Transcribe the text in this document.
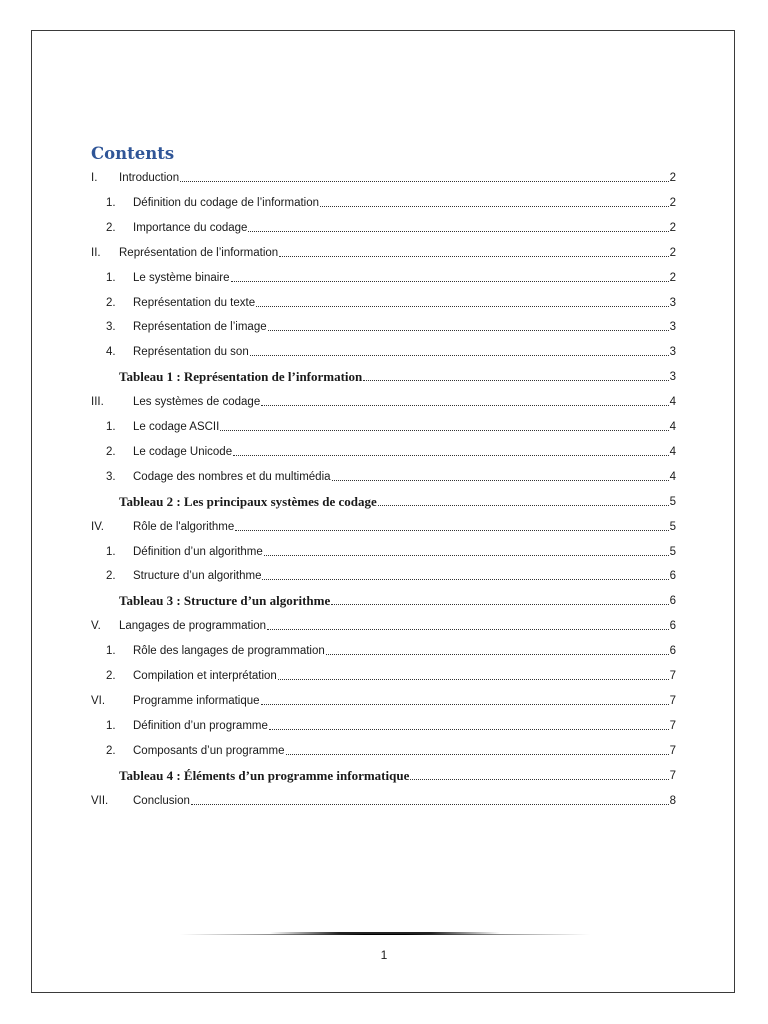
Contents
I.	Introduction	2
1.	Définition du codage de l’information	2
2.	Importance du codage	2
II.	Représentation de l’information	2
1.	Le système binaire	2
2.	Représentation du texte	3
3.	Représentation de l’image	3
4.	Représentation du son	3
Tableau 1 : Représentation de l’information	3
III.	Les systèmes de codage	4
1.	Le codage ASCII	4
2.	Le codage Unicode	4
3.	Codage des nombres et du multimédia	4
Tableau 2 : Les principaux systèmes de codage	5
IV.	Rôle de l'algorithme	5
1.	Définition d’un algorithme	5
2.	Structure d’un algorithme	6
Tableau 3 : Structure d’un algorithme	6
V.	Langages de programmation	6
1.	Rôle des langages de programmation	6
2.	Compilation et interprétation	7
VI.	Programme informatique	7
1.	Définition d’un programme	7
2.	Composants d’un programme	7
Tableau 4 : Éléments d’un programme informatique	7
VII.	Conclusion	8
1
